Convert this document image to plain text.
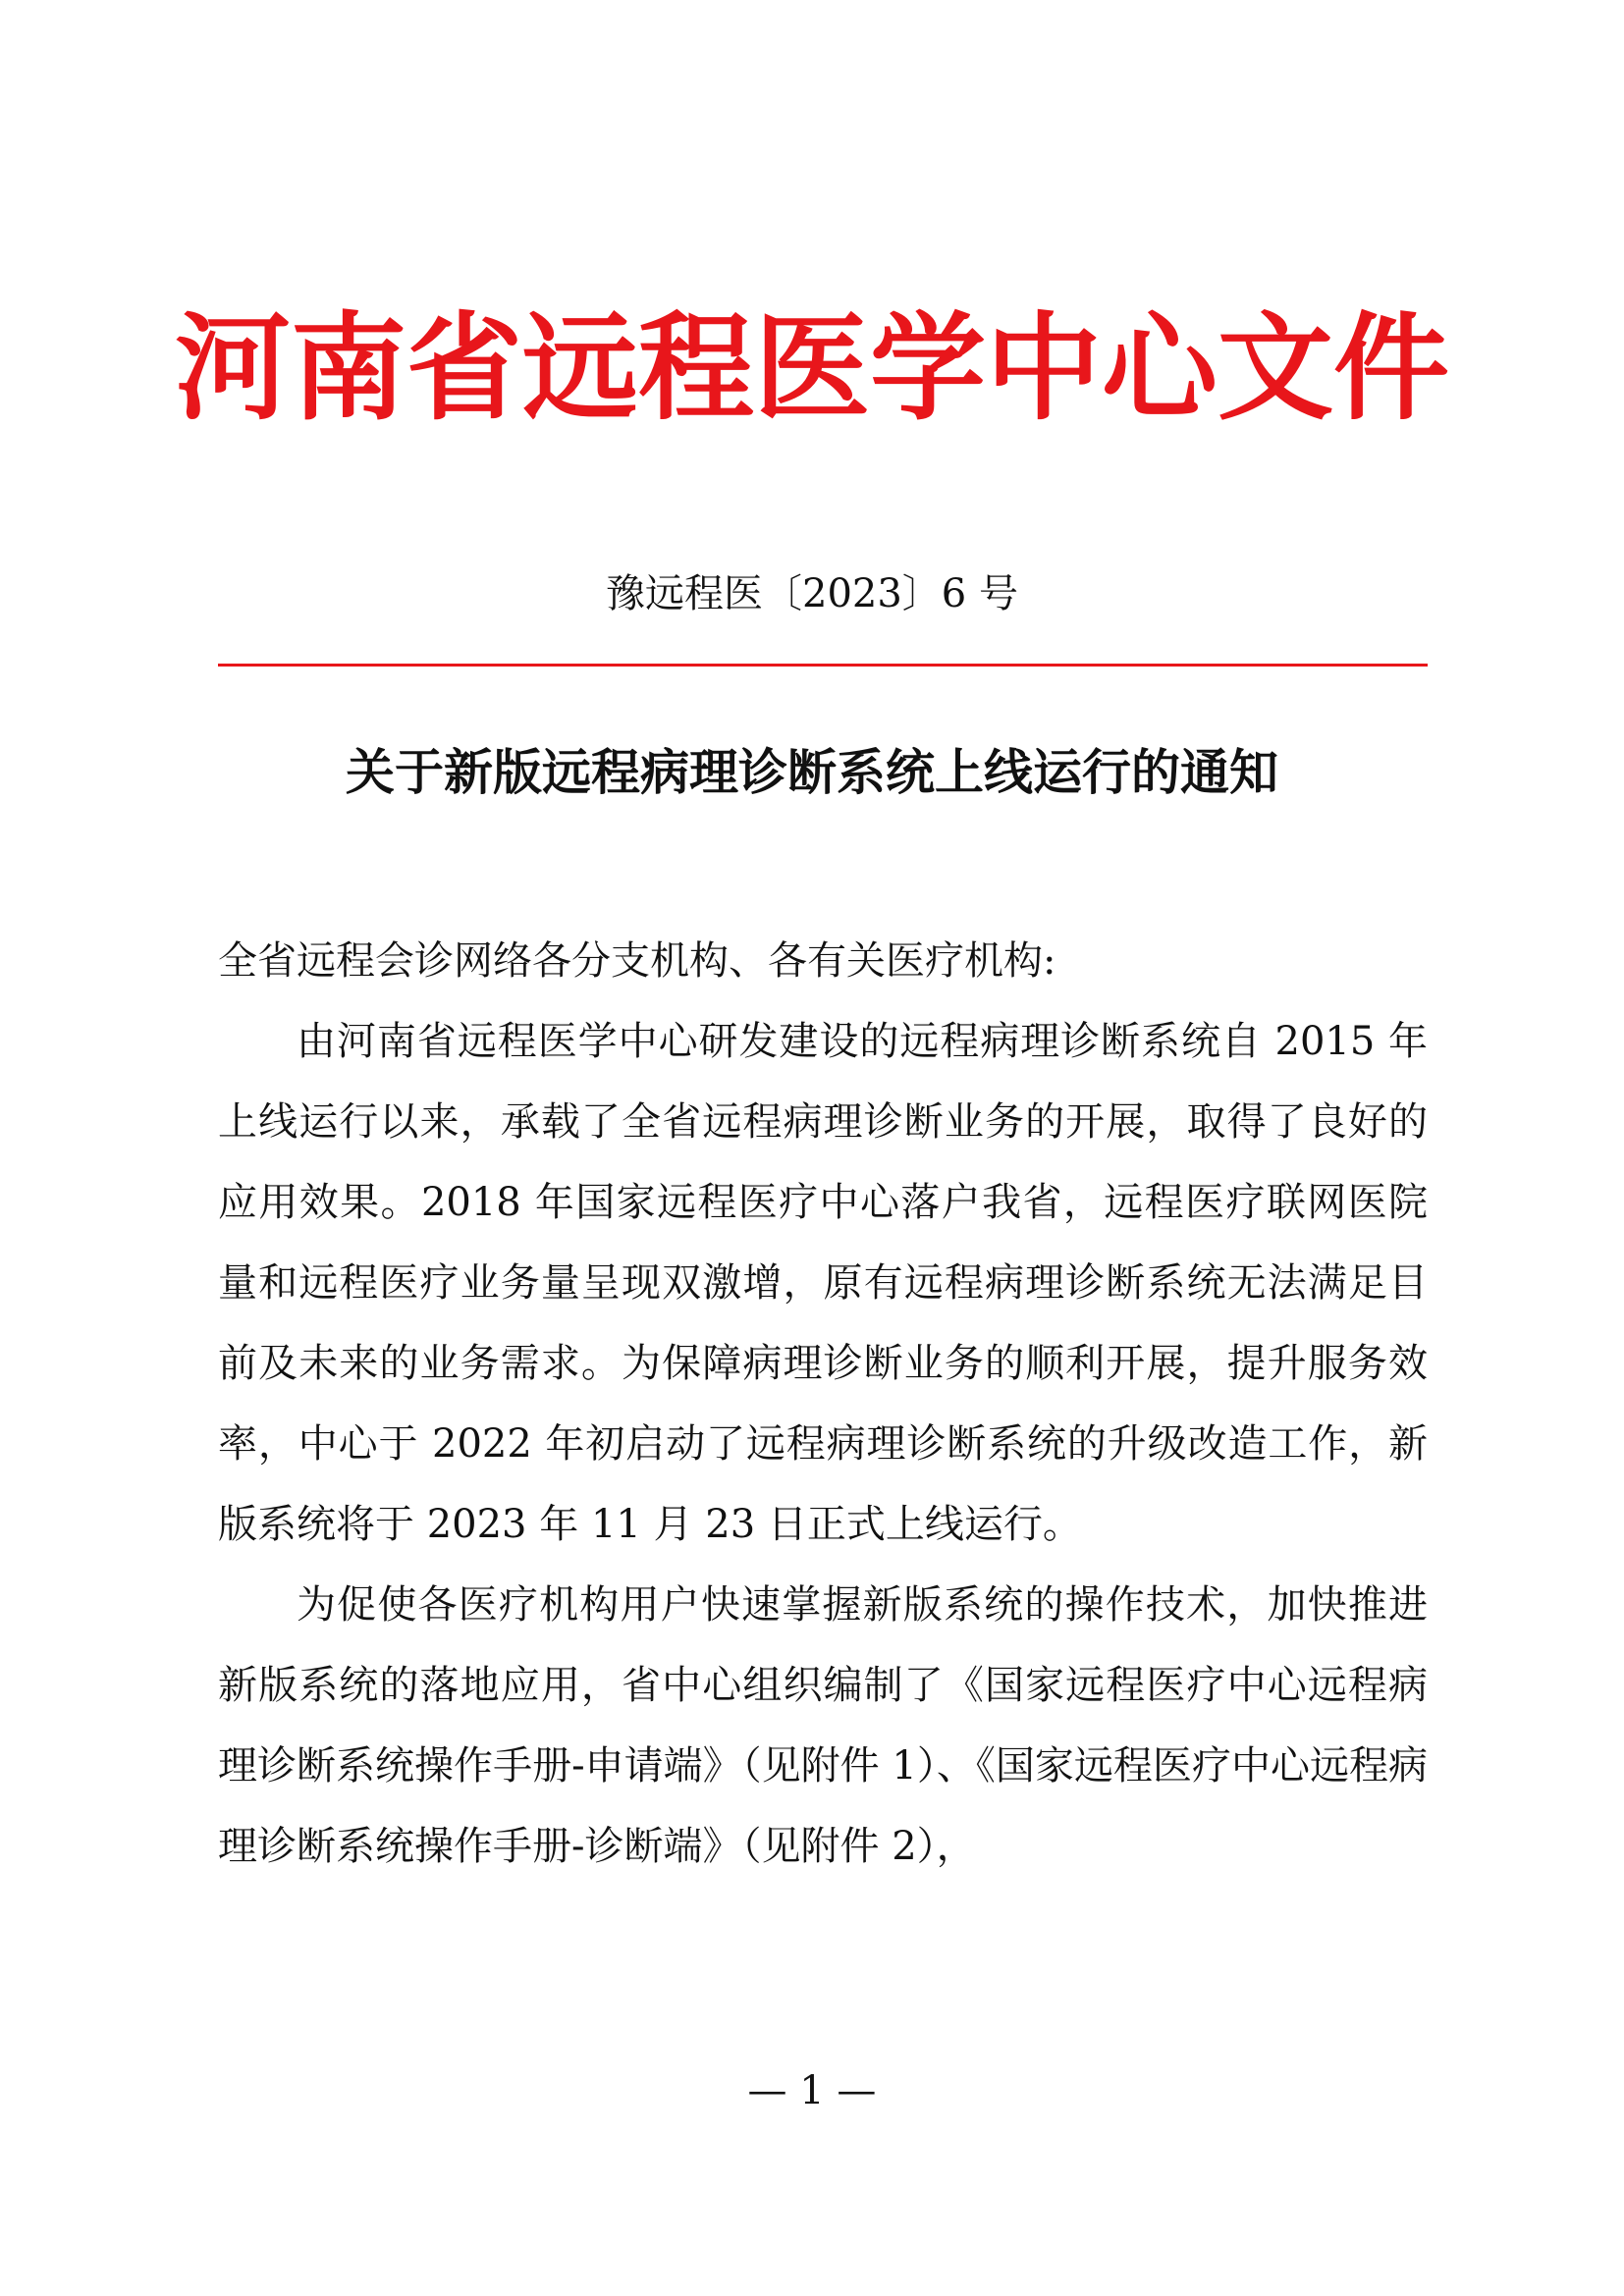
河南省远程医学中心文件
豫远程医〔2023〕6 号
关于新版远程病理诊断系统上线运行的通知

全省远程会诊网络各分支机构、各有关医疗机构:

由河南省远程医学中心研发建设的远程病理诊断系统自 2015 年上线运行以来，承载了全省远程病理诊断业务的开展，取得了良好的应用效果。2018 年国家远程医疗中心落户我省，远程医疗联网医院量和远程医疗业务量呈现双激增，原有远程病理诊断系统无法满足目前及未来的业务需求。为保障病理诊断业务的顺利开展，提升服务效率，中心于 2022 年初启动了远程病理诊断系统的升级改造工作，新版系统将于 2023 年 11 月 23 日正式上线运行。

为促使各医疗机构用户快速掌握新版系统的操作技术，加快推进新版系统的落地应用，省中心组织编制了《国家远程医疗中心远程病理诊断系统操作手册-申请端》（见附件 1）、《国家远程医疗中心远程病理诊断系统操作手册-诊断端》（见附件 2），

— 1 —
